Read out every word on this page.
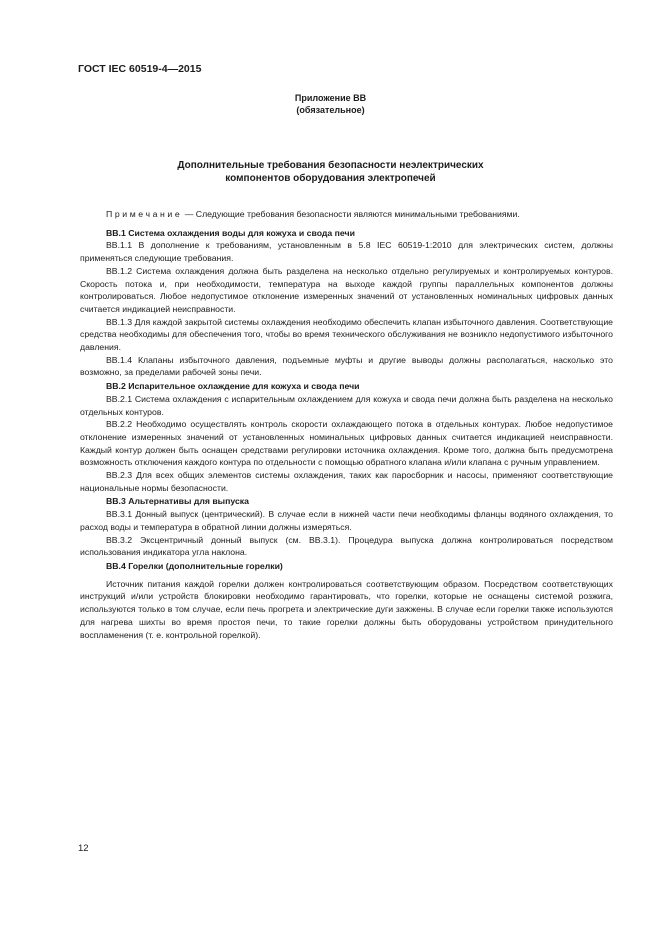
ГОСТ IEC 60519-4—2015
Приложение ВВ
(обязательное)
Дополнительные требования безопасности неэлектрических
компонентов оборудования электропечей

Примечание — Следующие требования безопасности являются минимальными требованиями.

ВВ.1 Система охлаждения воды для кожуха и свода печи

ВВ.1.1 В дополнение к требованиям, установленным в 5.8 IEC 60519-1:2010 для электрических систем, должны применяться следующие требования.

ВВ.1.2 Система охлаждения должна быть разделена на несколько отдельно регулируемых и контролируемых контуров. Скорость потока и, при необходимости, температура на выходе каждой группы параллельных компонентов должны контролироваться. Любое недопустимое отклонение измеренных значений от установленных номинальных цифровых данных считается индикацией неисправности.

ВВ.1.3 Для каждой закрытой системы охлаждения необходимо обеспечить клапан избыточного давления. Соответствующие средства необходимы для обеспечения того, чтобы во время технического обслуживания не возникло недопустимого избыточного давления.

ВВ.1.4 Клапаны избыточного давления, подъемные муфты и другие выводы должны располагаться, насколько это возможно, за пределами рабочей зоны печи.

ВВ.2 Испарительное охлаждение для кожуха и свода печи

ВВ.2.1 Система охлаждения с испарительным охлаждением для кожуха и свода печи должна быть разделена на несколько отдельных контуров.

ВВ.2.2 Необходимо осуществлять контроль скорости охлаждающего потока в отдельных контурах. Любое недопустимое отклонение измеренных значений от установленных номинальных цифровых данных считается индикацией неисправности. Каждый контур должен быть оснащен средствами регулировки источника охлаждения. Кроме того, должна быть предусмотрена возможность отключения каждого контура по отдельности с помощью обратного клапана и/или клапана с ручным управлением.

ВВ.2.3 Для всех общих элементов системы охлаждения, таких как паросборник и насосы, применяют соответствующие национальные нормы безопасности.

ВВ.3 Альтернативы для выпуска

ВВ.3.1 Донный выпуск (центрический). В случае если в нижней части печи необходимы фланцы водяного охлаждения, то расход воды и температура в обратной линии должны измеряться.

ВВ.3.2 Эксцентричный донный выпуск (см. ВВ.3.1). Процедура выпуска должна контролироваться посредством использования индикатора угла наклона.

ВВ.4 Горелки (дополнительные горелки)

Источник питания каждой горелки должен контролироваться соответствующим образом. Посредством соответствующих инструкций и/или устройств блокировки необходимо гарантировать, что горелки, которые не оснащены системой розжига, используются только в том случае, если печь прогрета и электрические дуги зажжены. В случае если горелки также используются для нагрева шихты во время простоя печи, то такие горелки должны быть оборудованы устройством принудительного воспламенения (т. е. контрольной горелкой).

12
